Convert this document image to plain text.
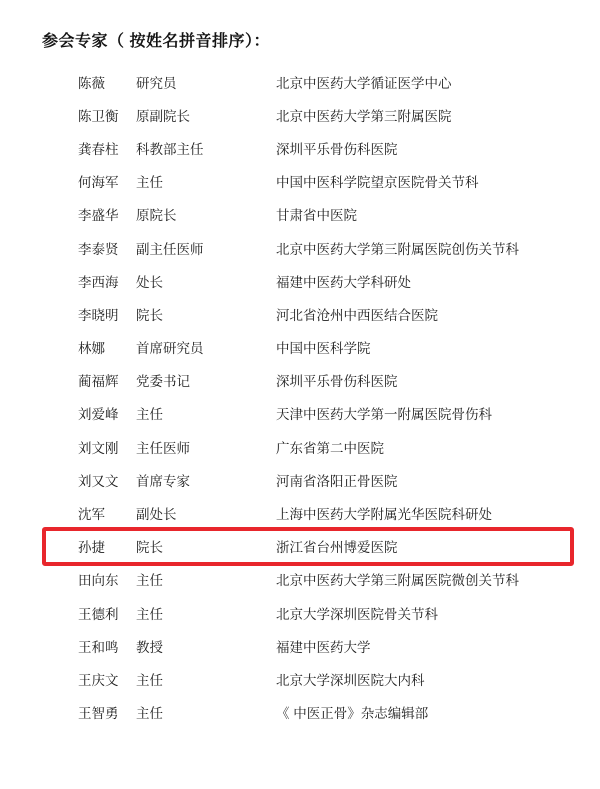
参会专家（ 按姓名拼音排序）：
陈薇	研究员	北京中医药大学循证医学中心
陈卫衡	原副院长	北京中医药大学第三附属医院
龚春柱	科教部主任	深圳平乐骨伤科医院
何海军	主任	中国中医科学院望京医院骨关节科
李盛华	原院长	甘肃省中医院
李泰贤	副主任医师	北京中医药大学第三附属医院创伤关节科
李西海	处长	福建中医药大学科研处
李晓明	院长	河北省沧州中西医结合医院
林娜	首席研究员	中国中医科学院
蔺福辉	党委书记	深圳平乐骨伤科医院
刘爱峰	主任	天津中医药大学第一附属医院骨伤科
刘文刚	主任医师	广东省第二中医院
刘又文	首席专家	河南省洛阳正骨医院
沈军	副处长	上海中医药大学附属光华医院科研处
孙捷	院长	浙江省台州博爱医院
田向东	主任	北京中医药大学第三附属医院微创关节科
王德利	主任	北京大学深圳医院骨关节科
王和鸣	教授	福建中医药大学
王庆文	主任	北京大学深圳医院大内科
王智勇	主任	《 中医正骨》杂志编辑部
